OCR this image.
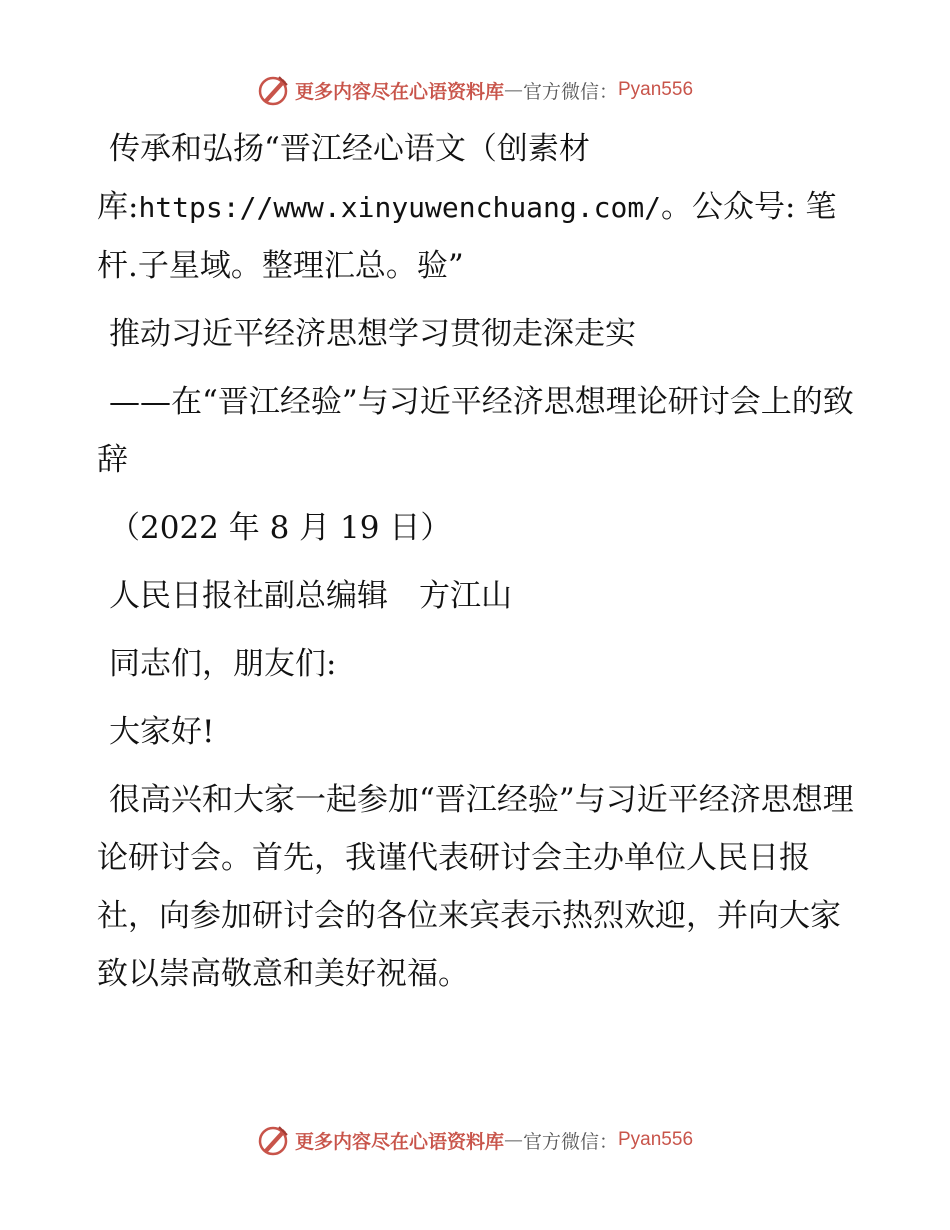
更多内容尽在心语资料库 — 官方微信： Pyan556

传承和弘扬“晋江经心语文（创素材库:https://www.xinyuwenchuang.com/。公众号: 笔杆.子星域。整理汇总。验”

推动习近平经济思想学习贯彻走深走实

——在“晋江经验”与习近平经济思想理论研讨会上的致辞

（2022 年 8 月 19 日）

人民日报社副总编辑　方江山

同志们，朋友们:

大家好!

很高兴和大家一起参加“晋江经验”与习近平经济思想理论研讨会。首先，我谨代表研讨会主办单位人民日报社，向参加研讨会的各位来宾表示热烈欢迎，并向大家致以崇高敬意和美好祝福。

更多内容尽在心语资料库 — 官方微信： Pyan556
